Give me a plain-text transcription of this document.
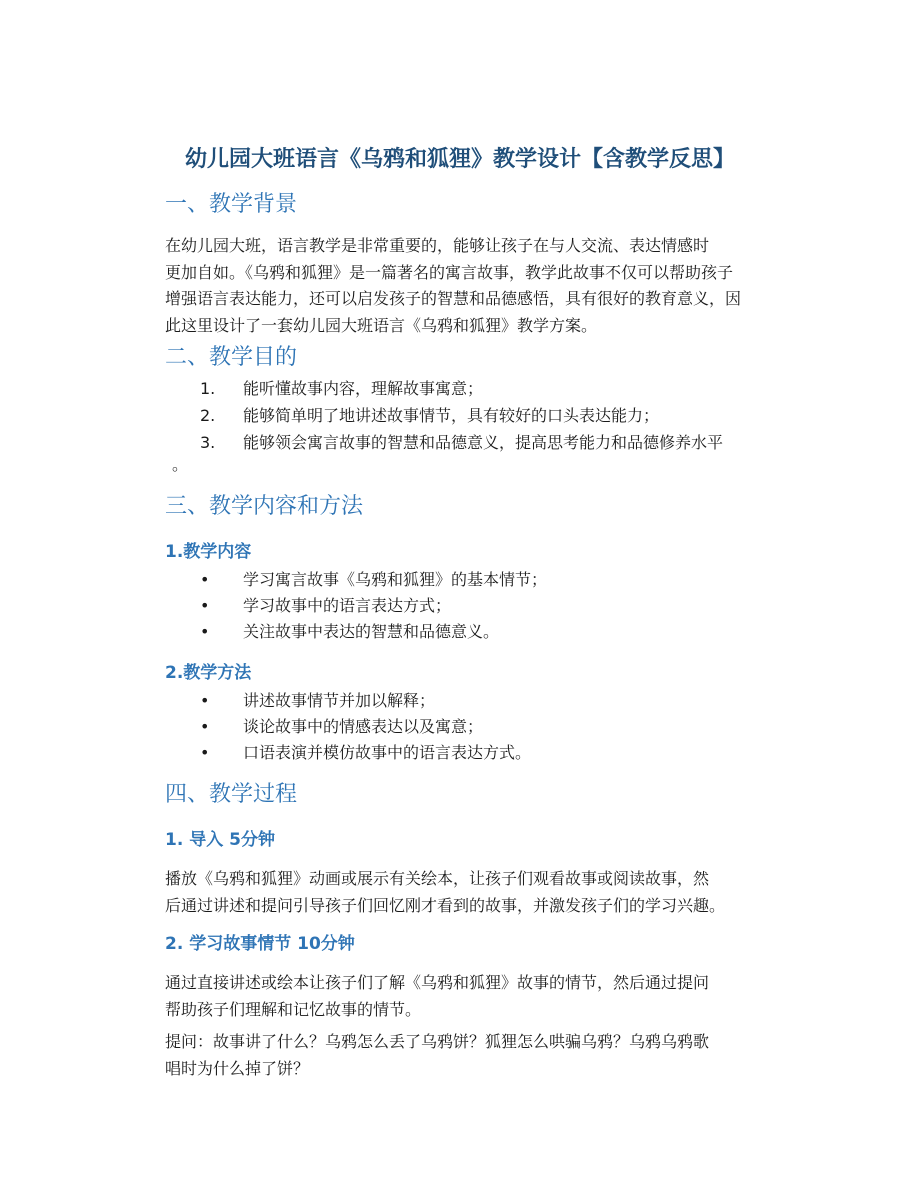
幼儿园大班语言《乌鸦和狐狸》教学设计【含教学反思】
一、教学背景
在幼儿园大班，语言教学是非常重要的，能够让孩子在与人交流、表达情感时
更加自如。《乌鸦和狐狸》是一篇著名的寓言故事，教学此故事不仅可以帮助孩子
增强语言表达能力，还可以启发孩子的智慧和品德感悟，具有很好的教育意义，因
此这里设计了一套幼儿园大班语言《乌鸦和狐狸》教学方案。
二、教学目的
1.	能听懂故事内容，理解故事寓意；
2.	能够简单明了地讲述故事情节，具有较好的口头表达能力；
3.	能够领会寓言故事的智慧和品德意义，提高思考能力和品德修养水平
。
三、教学内容和方法
1.教学内容
•	学习寓言故事《乌鸦和狐狸》的基本情节；
•	学习故事中的语言表达方式；
•	关注故事中表达的智慧和品德意义。
2.教学方法
•	讲述故事情节并加以解释；
•	谈论故事中的情感表达以及寓意；
•	口语表演并模仿故事中的语言表达方式。
四、教学过程
1. 导入 5分钟
播放《乌鸦和狐狸》动画或展示有关绘本，让孩子们观看故事或阅读故事，然
后通过讲述和提问引导孩子们回忆刚才看到的故事，并激发孩子们的学习兴趣。
2. 学习故事情节 10分钟
通过直接讲述或绘本让孩子们了解《乌鸦和狐狸》故事的情节，然后通过提问
帮助孩子们理解和记忆故事的情节。
提问：故事讲了什么？乌鸦怎么丢了乌鸦饼？狐狸怎么哄骗乌鸦？乌鸦乌鸦歌
唱时为什么掉了饼？
